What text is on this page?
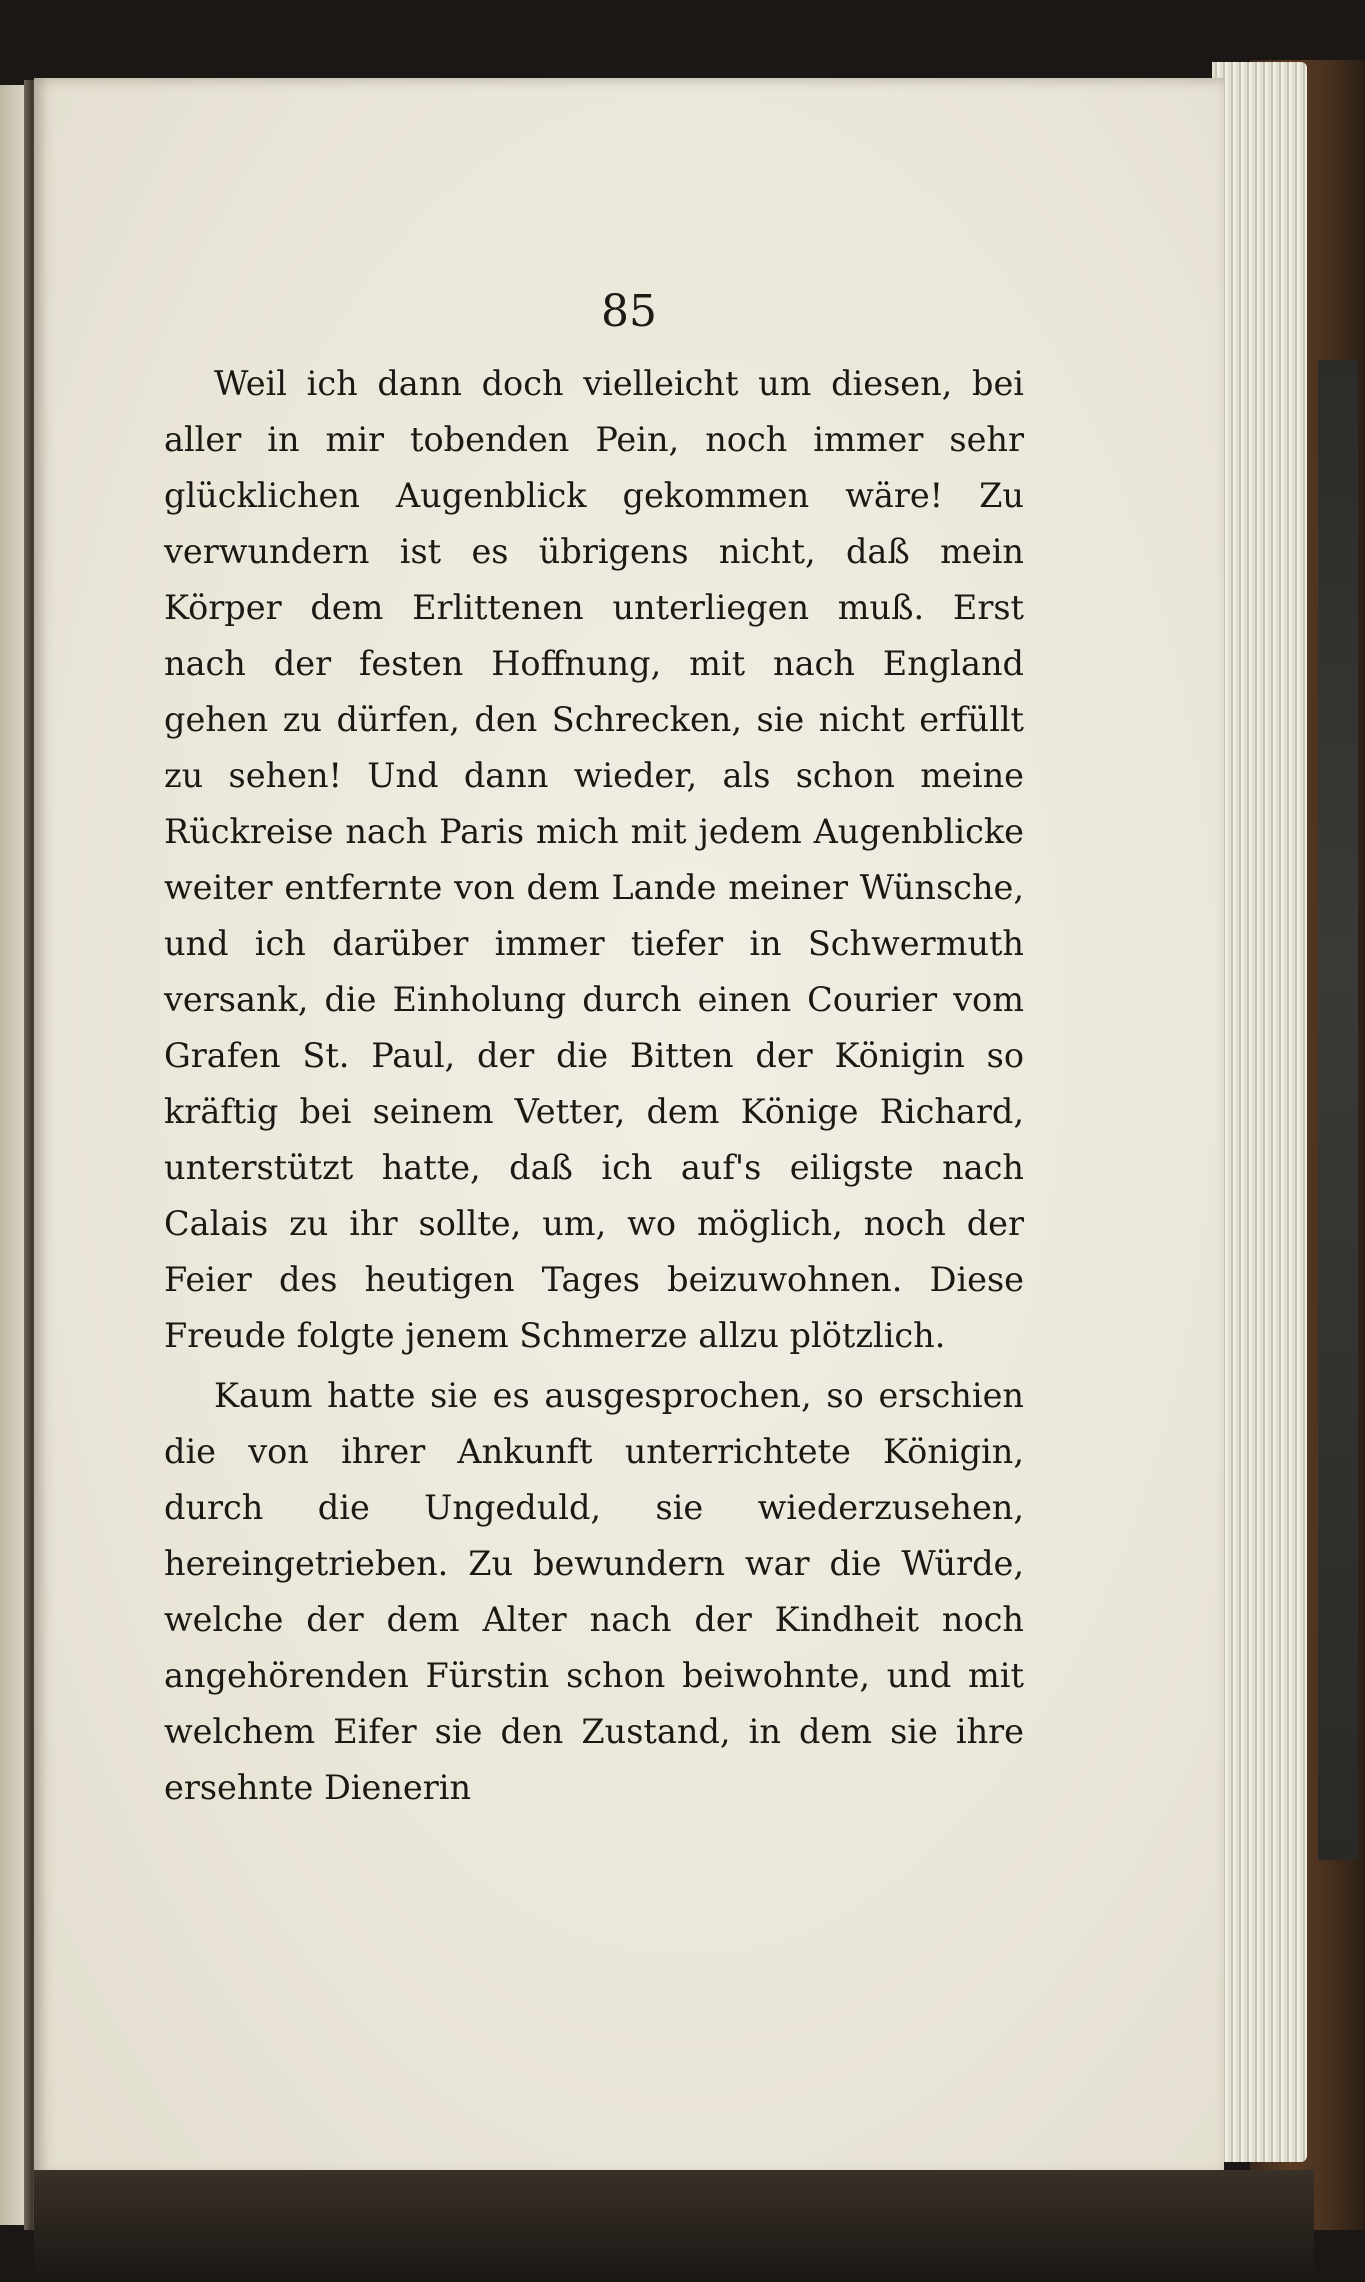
85

Weil ich dann doch vielleicht um diesen, bei aller in mir tobenden Pein, noch immer sehr glücklichen Augenblick gekommen wäre! Zu verwundern ist es übrigens nicht, daß mein Körper dem Erlittenen unterliegen muß. Erst nach der festen Hoffnung, mit nach England gehen zu dürfen, den Schrecken, sie nicht erfüllt zu sehen! Und dann wieder, als schon meine Rückreise nach Paris mich mit jedem Augenblicke weiter entfernte von dem Lande meiner Wünsche, und ich darüber immer tiefer in Schwermuth versank, die Einholung durch einen Courier vom Grafen St. Paul, der die Bitten der Königin so kräftig bei seinem Vetter, dem Könige Richard, unterstützt hatte, daß ich auf's eiligste nach Calais zu ihr sollte, um, wo möglich, noch der Feier des heutigen Tages beizuwohnen. Diese Freude folgte jenem Schmerze allzu plötzlich.

Kaum hatte sie es ausgesprochen, so erschien die von ihrer Ankunft unterrichtete Königin, durch die Ungeduld, sie wiederzusehen, hereingetrieben. Zu bewundern war die Würde, welche der dem Alter nach der Kindheit noch angehörenden Fürstin schon beiwohnte, und mit welchem Eifer sie den Zustand, in dem sie ihre ersehnte Dienerin
